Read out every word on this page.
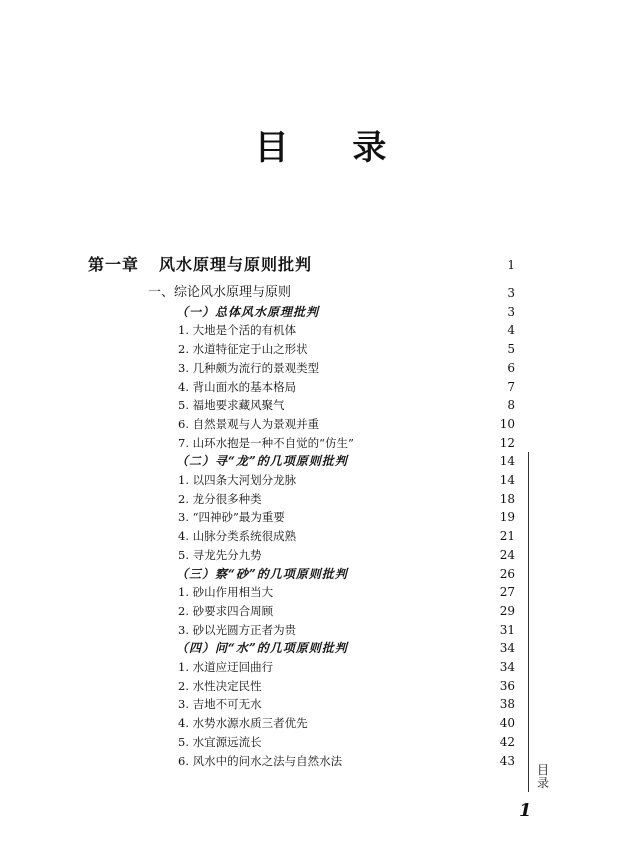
目 录
第一章 风水原理与原则批判	1
一、综论风水原理与原则	3
（一）总体风水原理批判	3
1. 大地是个活的有机体	4
2. 水道特征定于山之形状	5
3. 几种颇为流行的景观类型	6
4. 背山面水的基本格局	7
5. 福地要求藏风聚气	8
6. 自然景观与人为景观并重	10
7. 山环水抱是一种不自觉的“仿生”	12
（二）寻“龙”的几项原则批判	14
1. 以四条大河划分龙脉	14
2. 龙分很多种类	18
3. “四神砂”最为重要	19
4. 山脉分类系统很成熟	21
5. 寻龙先分九势	24
（三）察“砂”的几项原则批判	26
1. 砂山作用相当大	27
2. 砂要求四合周顾	29
3. 砂以光圆方正者为贵	31
（四）问“水”的几项原则批判	34
1. 水道应迂回曲行	34
2. 水性决定民性	36
3. 吉地不可无水	38
4. 水势水源水质三者优先	40
5. 水宜源远流长	42
6. 风水中的问水之法与自然水法	43
目录
1
